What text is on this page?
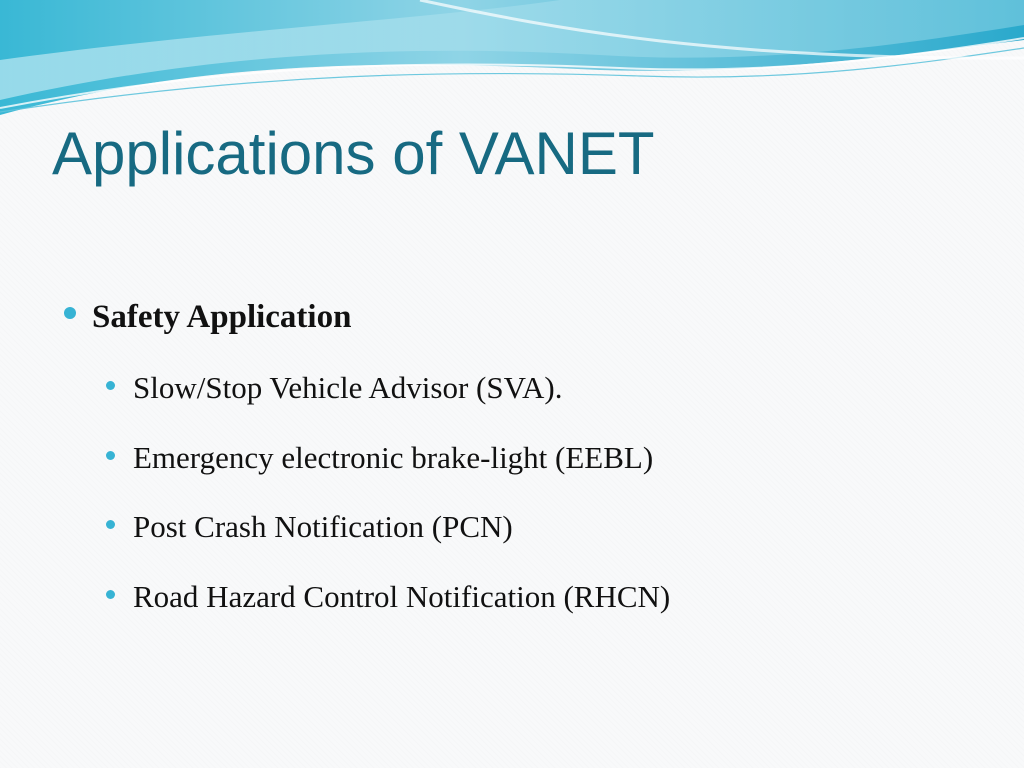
Applications of VANET
Safety Application
Slow/Stop Vehicle Advisor (SVA).
Emergency electronic brake-light (EEBL)
Post Crash Notification (PCN)
Road Hazard Control Notification (RHCN)
